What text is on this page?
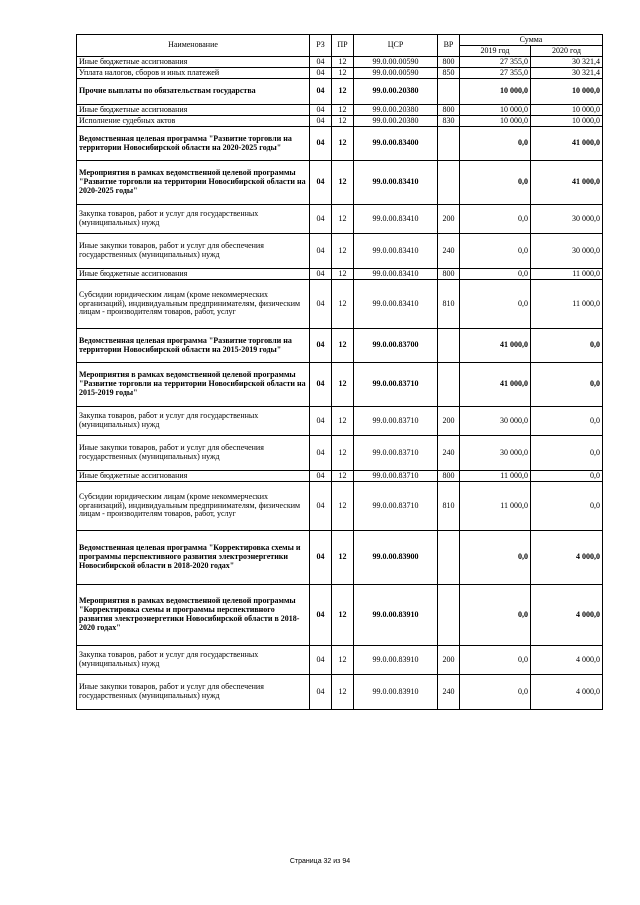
Наименование	РЗ	ПР	ЦСР	ВР	Сумма	
					2019 год	2020 год
Иные бюджетные ассигнования	04	12	99.0.00.00590	800	27 355,0	30 321,4
Уплата налогов, сборов и иных платежей	04	12	99.0.00.00590	850	27 355,0	30 321,4
Прочие выплаты по обязательствам государства	04	12	99.0.00.20380		10 000,0	10 000,0
Иные бюджетные ассигнования	04	12	99.0.00.20380	800	10 000,0	10 000,0
Исполнение судебных актов	04	12	99.0.00.20380	830	10 000,0	10 000,0
Ведомственная целевая программа "Развитие торговли на территории Новосибирской области на 2020-2025 годы"	04	12	99.0.00.83400		0,0	41 000,0
Мероприятия в рамках ведомственной целевой программы "Развитие торговли на территории Новосибирской области на 2020-2025 годы"	04	12	99.0.00.83410		0,0	41 000,0
Закупка товаров, работ и услуг для государственных (муниципальных) нужд	04	12	99.0.00.83410	200	0,0	30 000,0
Иные закупки товаров, работ и услуг для обеспечения государственных (муниципальных) нужд	04	12	99.0.00.83410	240	0,0	30 000,0
Иные бюджетные ассигнования	04	12	99.0.00.83410	800	0,0	11 000,0
Субсидии юридическим лицам (кроме некоммерческих организаций), индивидуальным предпринимателям, физическим лицам - производителям товаров, работ, услуг	04	12	99.0.00.83410	810	0,0	11 000,0
Ведомственная целевая программа "Развитие торговли на территории Новосибирской области на 2015-2019 годы"	04	12	99.0.00.83700		41 000,0	0,0
Мероприятия в рамках ведомственной целевой программы "Развитие торговли на территории Новосибирской области на 2015-2019 годы"	04	12	99.0.00.83710		41 000,0	0,0
Закупка товаров, работ и услуг для государственных (муниципальных) нужд	04	12	99.0.00.83710	200	30 000,0	0,0
Иные закупки товаров, работ и услуг для обеспечения государственных (муниципальных) нужд	04	12	99.0.00.83710	240	30 000,0	0,0
Иные бюджетные ассигнования	04	12	99.0.00.83710	800	11 000,0	0,0
Субсидии юридическим лицам (кроме некоммерческих организаций), индивидуальным предпринимателям, физическим лицам - производителям товаров, работ, услуг	04	12	99.0.00.83710	810	11 000,0	0,0
Ведомственная целевая программа "Корректировка схемы и программы перспективного развития электроэнергетики Новосибирской области в 2018-2020 годах"	04	12	99.0.00.83900		0,0	4 000,0
Мероприятия в рамках ведомственной целевой программы "Корректировка схемы и программы перспективного развития электроэнергетики Новосибирской области в 2018-2020 годах"	04	12	99.0.00.83910		0,0	4 000,0
Закупка товаров, работ и услуг для государственных (муниципальных) нужд	04	12	99.0.00.83910	200	0,0	4 000,0
Иные закупки товаров, работ и услуг для обеспечения государственных (муниципальных) нужд	04	12	99.0.00.83910	240	0,0	4 000,0
Страница 32 из 94
